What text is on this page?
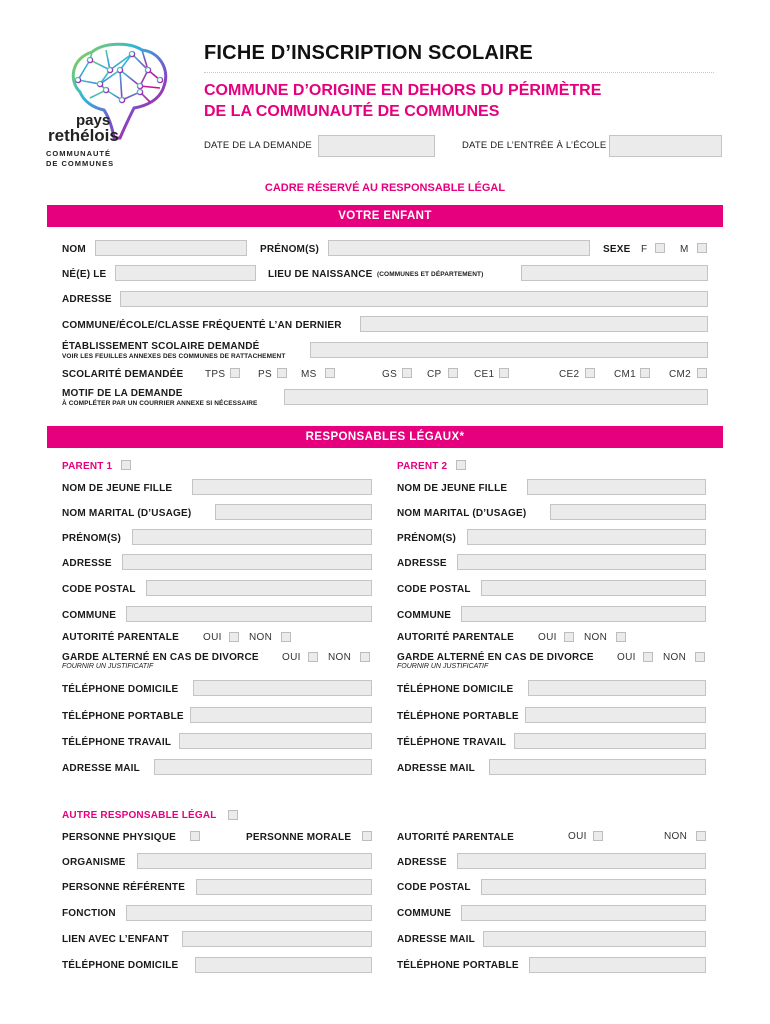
pays
rethélois
COMMUNAUTÉ
DE COMMUNES
FICHE D’INSCRIPTION SCOLAIRE
COMMUNE D’ORIGINE EN DEHORS DU PÉRIMÈTRE
DE LA COMMUNAUTÉ DE COMMUNES
DATE DE LA DEMANDE	DATE DE L’ENTRÉE À L’ÉCOLE
CADRE RÉSERVÉ AU RESPONSABLE LÉGAL
VOTRE ENFANT
NOM	PRÉNOM(S)	SEXE F	M
NÉ(E) LE	LIEU DE NAISSANCE (COMMUNES ET DÉPARTEMENT)
ADRESSE
COMMUNE/ÉCOLE/CLASSE FRÉQUENTÉ L’AN DERNIER
ÉTABLISSEMENT SCOLAIRE DEMANDÉ
VOIR LES FEUILLES ANNEXES DES COMMUNES DE RATTACHEMENT
SCOLARITÉ DEMANDÉE TPS	PS	MS	GS	CP	CE1	CE2	CM1	CM2
MOTIF DE LA DEMANDE
À COMPLÉTER PAR UN COURRIER ANNEXE SI NÉCESSAIRE
RESPONSABLES LÉGAUX*
PARENT 1
NOM DE JEUNE FILLE
NOM MARITAL (D’USAGE)
PRÉNOM(S)
ADRESSE
CODE POSTAL
COMMUNE
AUTORITÉ PARENTALE OUI	NON
GARDE ALTERNÉ EN CAS DE DIVORCE
FOURNIR UN JUSTIFICATIF
OUI	NON
TÉLÉPHONE DOMICILE
TÉLÉPHONE PORTABLE
TÉLÉPHONE TRAVAIL
ADRESSE MAIL
PARENT 2
NOM DE JEUNE FILLE
NOM MARITAL (D’USAGE)
PRÉNOM(S)
ADRESSE
CODE POSTAL
COMMUNE
AUTORITÉ PARENTALE OUI	NON
GARDE ALTERNÉ EN CAS DE DIVORCE
FOURNIR UN JUSTIFICATIF
OUI	NON
TÉLÉPHONE DOMICILE
TÉLÉPHONE PORTABLE
TÉLÉPHONE TRAVAIL
ADRESSE MAIL
AUTRE RESPONSABLE LÉGAL
PERSONNE PHYSIQUE	PERSONNE MORALE	AUTORITÉ PARENTALE	OUI	NON
ORGANISME	ADRESSE
PERSONNE RÉFÉRENTE	CODE POSTAL
FONCTION	COMMUNE
LIEN AVEC L’ENFANT	ADRESSE MAIL
TÉLÉPHONE DOMICILE	TÉLÉPHONE PORTABLE
